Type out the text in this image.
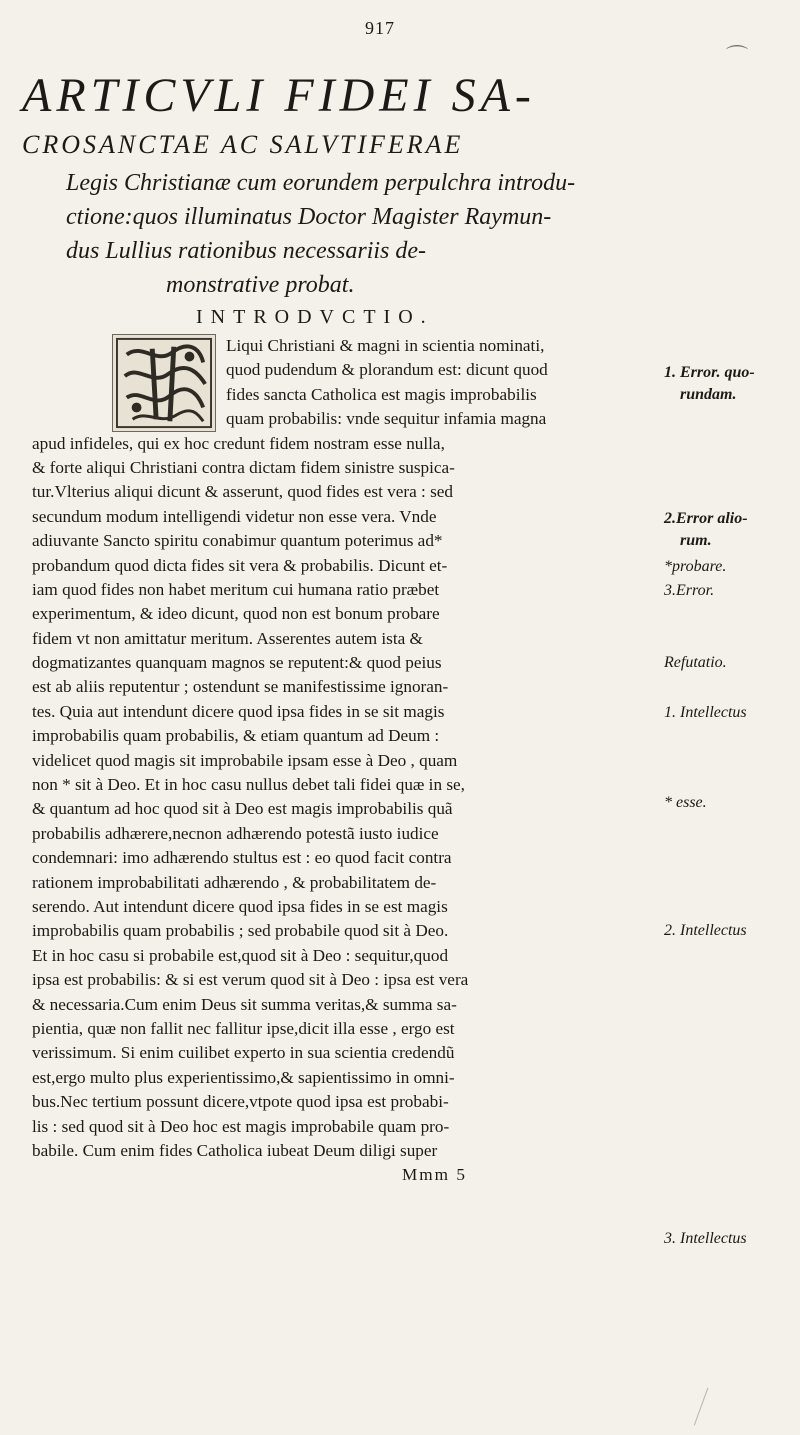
917
⌒
ARTICVLI FIDEI SA-
CROSANCTAE AC SALVTIFERAE
Legis Christianæ cum eorundem perpulchra introdu-
ctione:quos illuminatus Doctor Magister Raymun-
dus Lullius rationibus necessariis de-
monstrative probat.
INTRODVCTIO.
Liqui Christiani & magni in scientia nominati,
quod pudendum & plorandum est: dicunt quod
fides sancta Catholica est magis improbabilis
quam probabilis: vnde sequitur infamia magna
apud infideles, qui ex hoc credunt fidem nostram esse nulla,
& forte aliqui Christiani contra dictam fidem sinistre suspica-
tur.Vlterius aliqui dicunt & asserunt, quod fides est vera : sed
secundum modum intelligendi videtur non esse vera. Vnde
adiuvante Sancto spiritu conabimur quantum poterimus ad*
probandum quod dicta fides sit vera & probabilis. Dicunt et-
iam quod fides non habet meritum cui humana ratio præbet
experimentum, & ideo dicunt, quod non est bonum probare
fidem vt non amittatur meritum. Asserentes autem ista &
dogmatizantes quanquam magnos se reputent:& quod peius
est ab aliis reputentur ; ostendunt se manifestissime ignoran-
tes. Quia aut intendunt dicere quod ipsa fides in se sit magis
improbabilis quam probabilis, & etiam quantum ad Deum :
videlicet quod magis sit improbabile ipsam esse à Deo , quam
non * sit à Deo. Et in hoc casu nullus debet tali fidei quæ in se,
& quantum ad hoc quod sit à Deo est magis improbabilis quã
probabilis adhærere,necnon adhærendo potestã iusto iudice
condemnari: imo adhærendo stultus est : eo quod facit contra
rationem improbabilitati adhærendo , & probabilitatem de-
serendo. Aut intendunt dicere quod ipsa fides in se est magis
improbabilis quam probabilis ; sed probabile quod sit à Deo.
Et in hoc casu si probabile est,quod sit à Deo : sequitur,quod
ipsa est probabilis: & si est verum quod sit à Deo : ipsa est vera
& necessaria.Cum enim Deus sit summa veritas,& summa sa-
pientia, quæ non fallit nec fallitur ipse,dicit illa esse , ergo est
verissimum. Si enim cuilibet experto in sua scientia credendũ
est,ergo multo plus experientissimo,& sapientissimo in omni-
bus.Nec tertium possunt dicere,vtpote quod ipsa est probabi-
lis : sed quod sit à Deo hoc est magis improbabile quam pro-
babile. Cum enim fides Catholica iubeat Deum diligi super
Mmm 5
1. Error. quo-
rundam.
2.Error alio-
rum.
*probare.
3.Error.
Refutatio.
1. Intellectus
* esse.
2. Intellectus
3. Intellectus
